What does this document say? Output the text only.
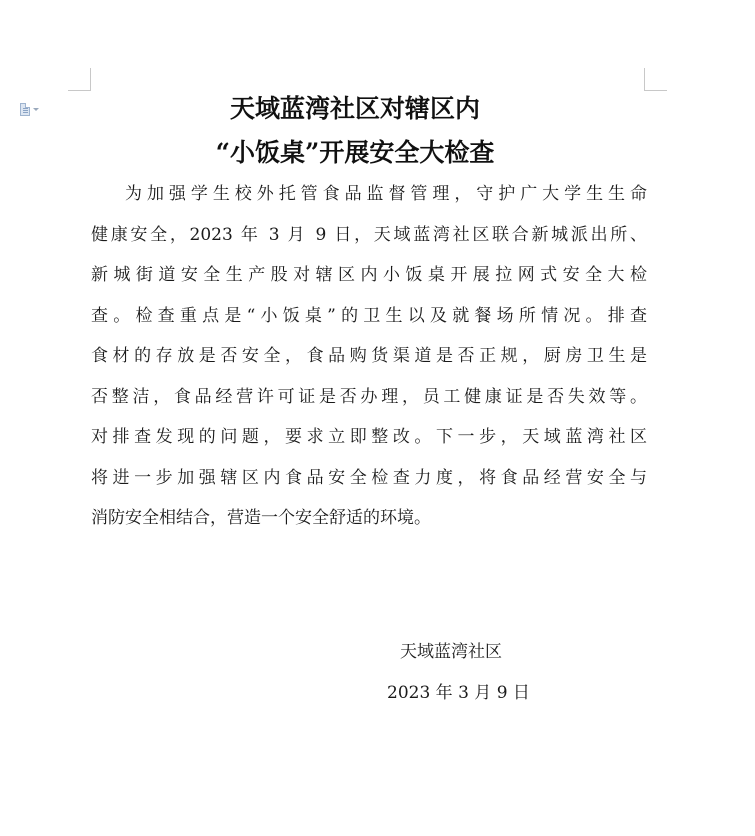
天域蓝湾社区对辖区内
“小饭桌”开展安全大检查
为加强学生校外托管食品监督管理，守护广大学生生命
健康安全，2023 年 3 月 9 日，天域蓝湾社区联合新城派出所、
新城街道安全生产股对辖区内小饭桌开展拉网式安全大检
查。检查重点是“小饭桌”的卫生以及就餐场所情况。排查
食材的存放是否安全，食品购货渠道是否正规，厨房卫生是
否整洁，食品经营许可证是否办理，员工健康证是否失效等。
对排查发现的问题，要求立即整改。下一步，天域蓝湾社区
将进一步加强辖区内食品安全检查力度，将食品经营安全与
消防安全相结合，营造一个安全舒适的环境。
天域蓝湾社区
2023 年 3 月 9 日
